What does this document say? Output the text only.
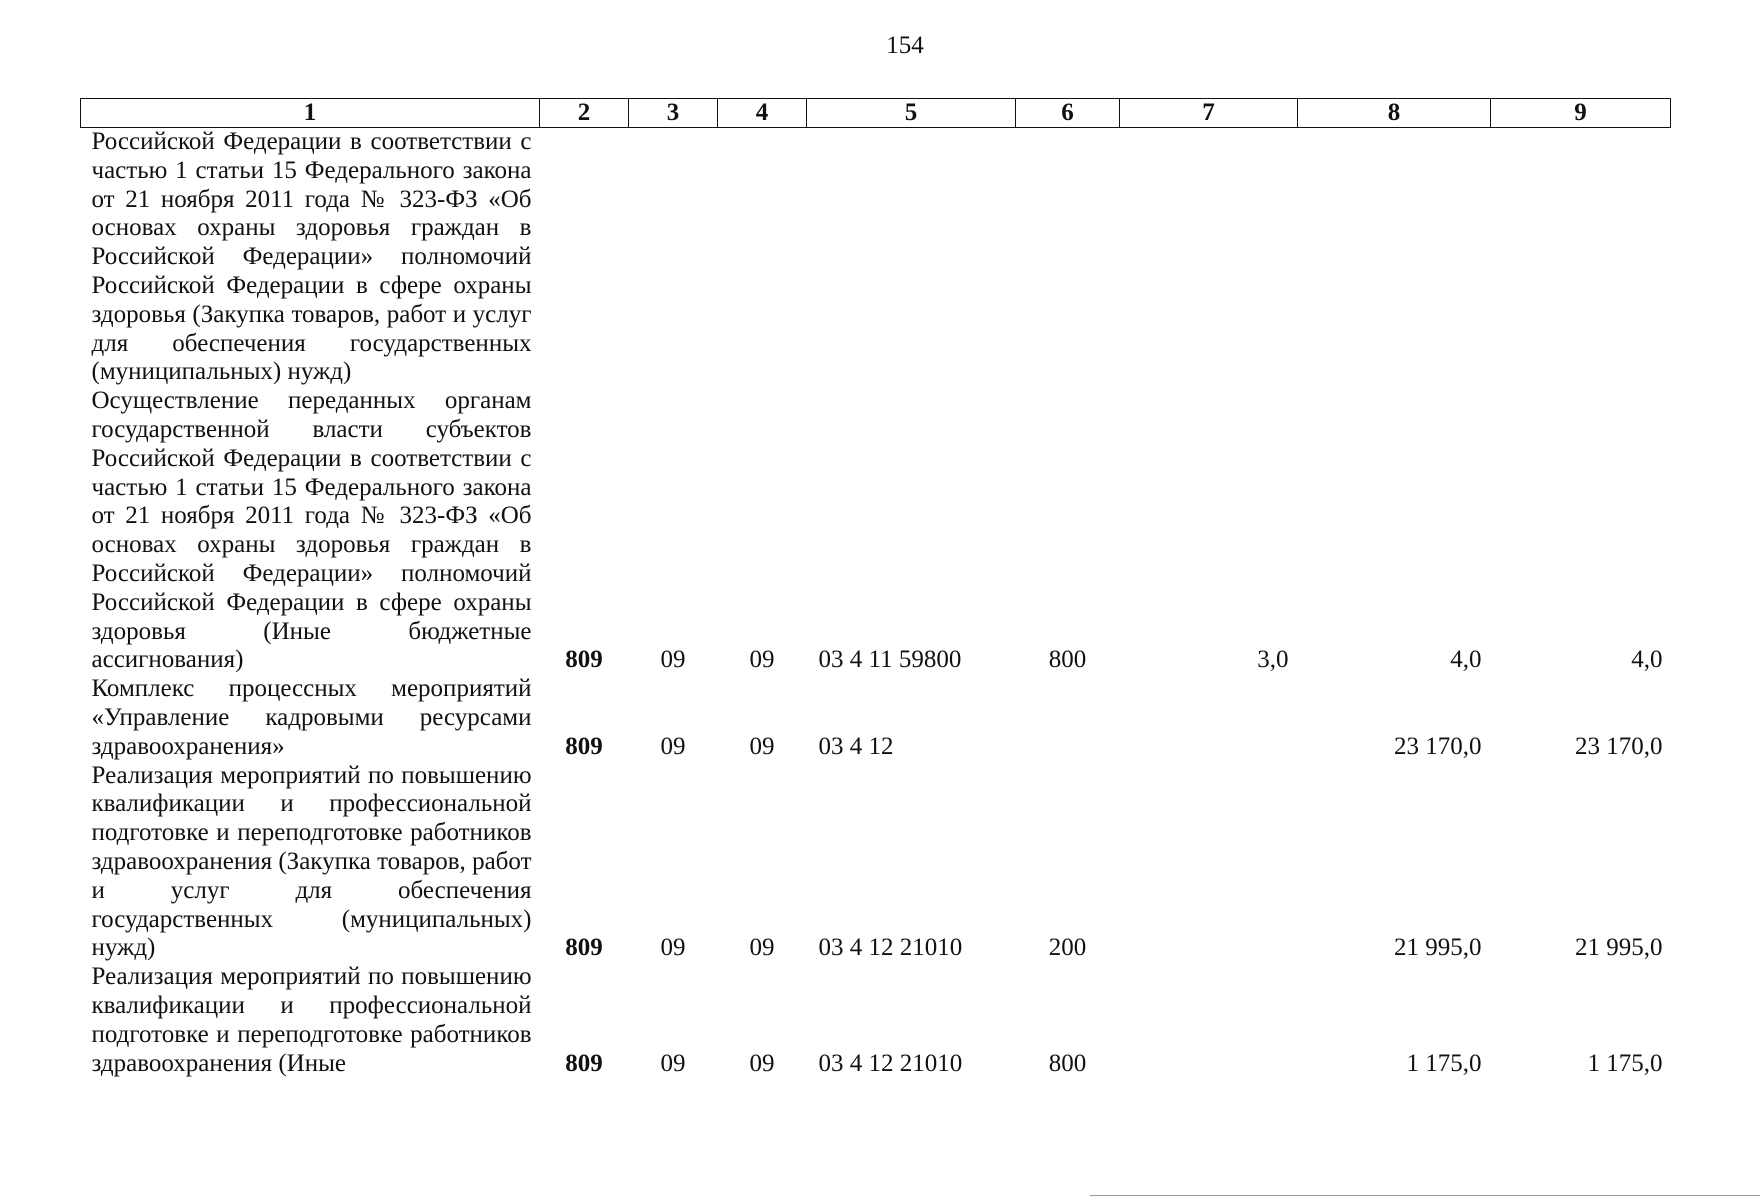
154
1	2	3	4	5	6	7	8	9
Российской Федерации в соответствии с частью 1 статьи 15 Федерального закона от 21 ноября 2011 года № 323-ФЗ «Об основах охраны здоровья граждан в Российской Федерации» полномочий Российской Федерации в сфере охраны здоровья (Закупка товаров, работ и услуг для обеспечения государственных (муниципальных) нужд)								
Осуществление переданных органам государственной власти субъектов Российской Федерации в соответствии с частью 1 статьи 15 Федерального закона от 21 ноября 2011 года № 323-ФЗ «Об основах охраны здоровья граждан в Российской Федерации» полномочий Российской Федерации в сфере охраны здоровья (Иные бюджетные ассигнования)	809	09	09	03 4 11 59800	800	3,0	4,0	4,0
Комплекс процессных мероприятий «Управление кадровыми ресурсами здравоохранения»	809	09	09	03 4 12			23 170,0	23 170,0
Реализация мероприятий по повышению квалификации и профессиональной подготовке и переподготовке работников здравоохранения (Закупка товаров, работ и услуг для обеспечения государственных (муниципальных) нужд)	809	09	09	03 4 12 21010	200		21 995,0	21 995,0
Реализация мероприятий по повышению квалификации и профессиональной подготовке и переподготовке работников здравоохранения (Иные	809	09	09	03 4 12 21010	800		1 175,0	1 175,0
